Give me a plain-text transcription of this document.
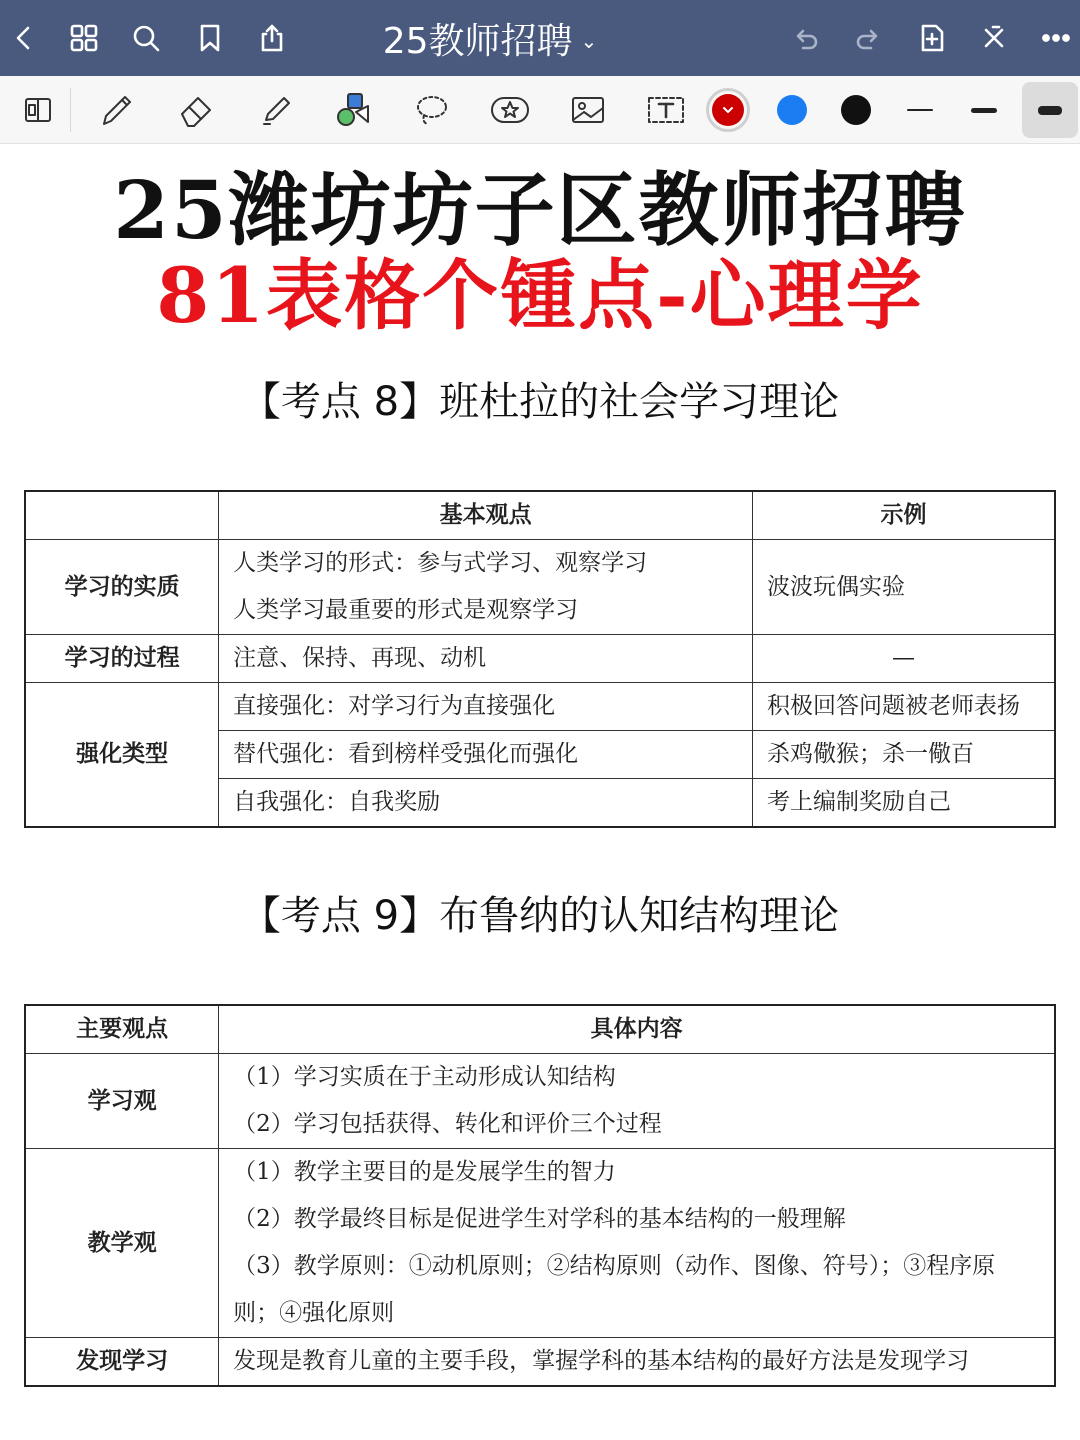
25教师招聘 ⌄
25潍坊坊子区教师招聘
81表格个锺点-心理学
【考点 8】班杜拉的社会学习理论
	基本观点	示例
学习的实质	人类学习的形式：参与式学习、观察学习
人类学习最重要的形式是观察学习	波波玩偶实验
学习的过程	注意、保持、再现、动机	—
强化类型	直接强化：对学习行为直接强化	积极回答问题被老师表扬
	替代强化：看到榜样受强化而强化	杀鸡儆猴；杀一儆百
	自我强化：自我奖励	考上编制奖励自己
【考点 9】布鲁纳的认知结构理论
主要观点	具体内容
学习观	（1）学习实质在于主动形成认知结构
（2）学习包括获得、转化和评价三个过程

教学观	（1）教学主要目的是发展学生的智力
（2）教学最终目标是促进学生对学科的基本结构的一般理解
（3）教学原则：①动机原则；②结构原则（动作、图像、符号）；③程序原
则；④强化原则

发现学习	发现是教育儿童的主要手段，掌握学科的基本结构的最好方法是发现学习
